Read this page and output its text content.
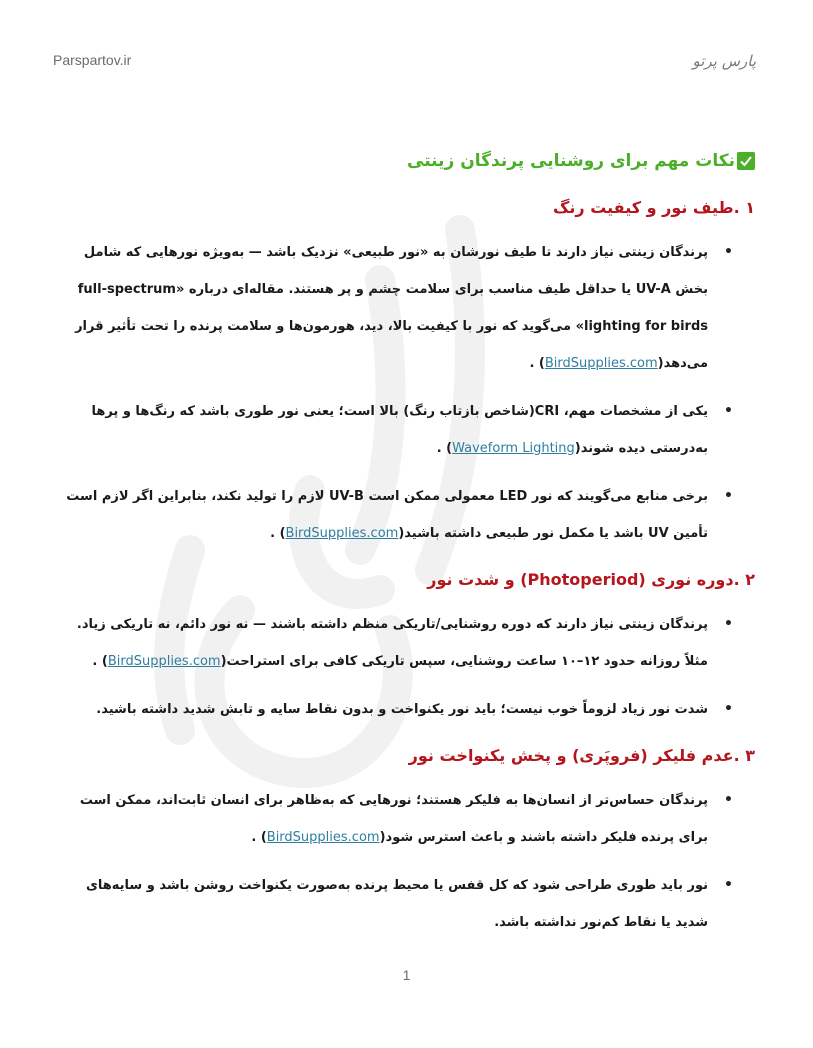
Parspartov.ir	پارس پرتو
نکات مهم برای روشنایی پرندگان زینتی
۱ .طیف نور و کیفیت رنگ
• پرندگان زینتی نیاز دارند تا طیف نورشان به «نور طبیعی» نزدیک باشد — به‌ویژه نورهایی که شامل بخش UV-A یا حداقل طیف مناسب برای سلامت چشم و پر هستند. مقاله‌ای درباره «full-spectrum lighting for birds» می‌گوید که نور با کیفیت بالا، دید، هورمون‌ها و سلامت پرنده را تحت تأثیر قرار می‌دهد(BirdSupplies.com) .
• یکی از مشخصات مهم، CRI(شاخص بازتاب رنگ) بالا است؛ یعنی نور طوری باشد که رنگ‌ها و پرها به‌درستی دیده شوند(Waveform Lighting) .
• برخی منابع می‌گویند که نور LED معمولی ممکن است UV-B لازم را تولید نکند، بنابراین اگر لازم است تأمین UV باشد یا مکمل نور طبیعی داشته باشید(BirdSupplies.com) .
۲ .دوره نوری (Photoperiod) و شدت نور
• پرندگان زینتی نیاز دارند که دوره روشنایی/تاریکی منظم داشته باشند — نه نور دائم، نه تاریکی زیاد. مثلاً روزانه حدود ۱۲–۱۰ ساعت روشنایی، سپس تاریکی کافی برای استراحت(BirdSupplies.com) .
• شدت نور زیاد لزوماً خوب نیست؛ باید نور یکنواخت و بدون نقاط سایه و تابش شدید داشته باشید.
۳ .عدم فلیکر (فروپَری) و پخش یکنواخت نور
• پرندگان حساس‌تر از انسان‌ها به فلیکر هستند؛ نورهایی که به‌ظاهر برای انسان ثابت‌اند، ممکن است برای پرنده فلیکر داشته باشند و باعث استرس شود(BirdSupplies.com) .
• نور باید طوری طراحی شود که کل قفس یا محیط پرنده به‌صورت یکنواخت روشن باشد و سایه‌های شدید یا نقاط کم‌نور نداشته باشد.
1
